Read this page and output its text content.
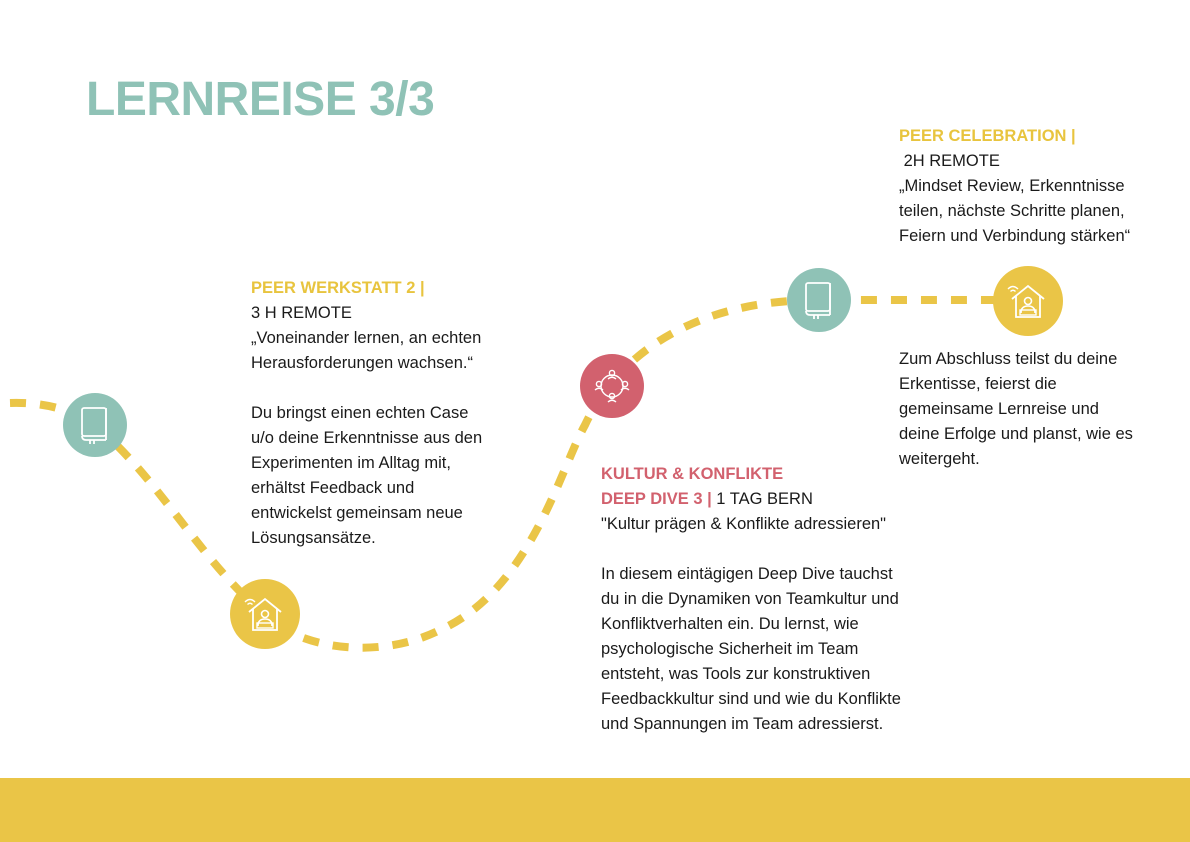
LERNREISE 3/3
PEER WERKSTATT 2 |
3 H REMOTE
„Voneinander lernen, an echten
Herausforderungen wachsen.“
Du bringst einen echten Case
u/o deine Erkenntnisse aus den
Experimenten im Alltag mit,
erhältst Feedback und
entwickelst gemeinsam neue
Lösungsansätze.
KULTUR & KONFLIKTE
DEEP DIVE 3 | 1 TAG BERN
"Kultur prägen & Konflikte adressieren"
In diesem eintägigen Deep Dive tauchst
du in die Dynamiken von Teamkultur und
Konfliktverhalten ein. Du lernst, wie
psychologische Sicherheit im Team
entsteht, was Tools zur konstruktiven
Feedbackkultur sind und wie du Konflikte
und Spannungen im Team adressierst.
PEER CELEBRATION |
2H REMOTE
„Mindset Review, Erkenntnisse
teilen, nächste Schritte planen,
Feiern und Verbindung stärken“
Zum Abschluss teilst du deine
Erkentisse, feierst die
gemeinsame Lernreise und
deine Erfolge und planst, wie es
weitergeht.
